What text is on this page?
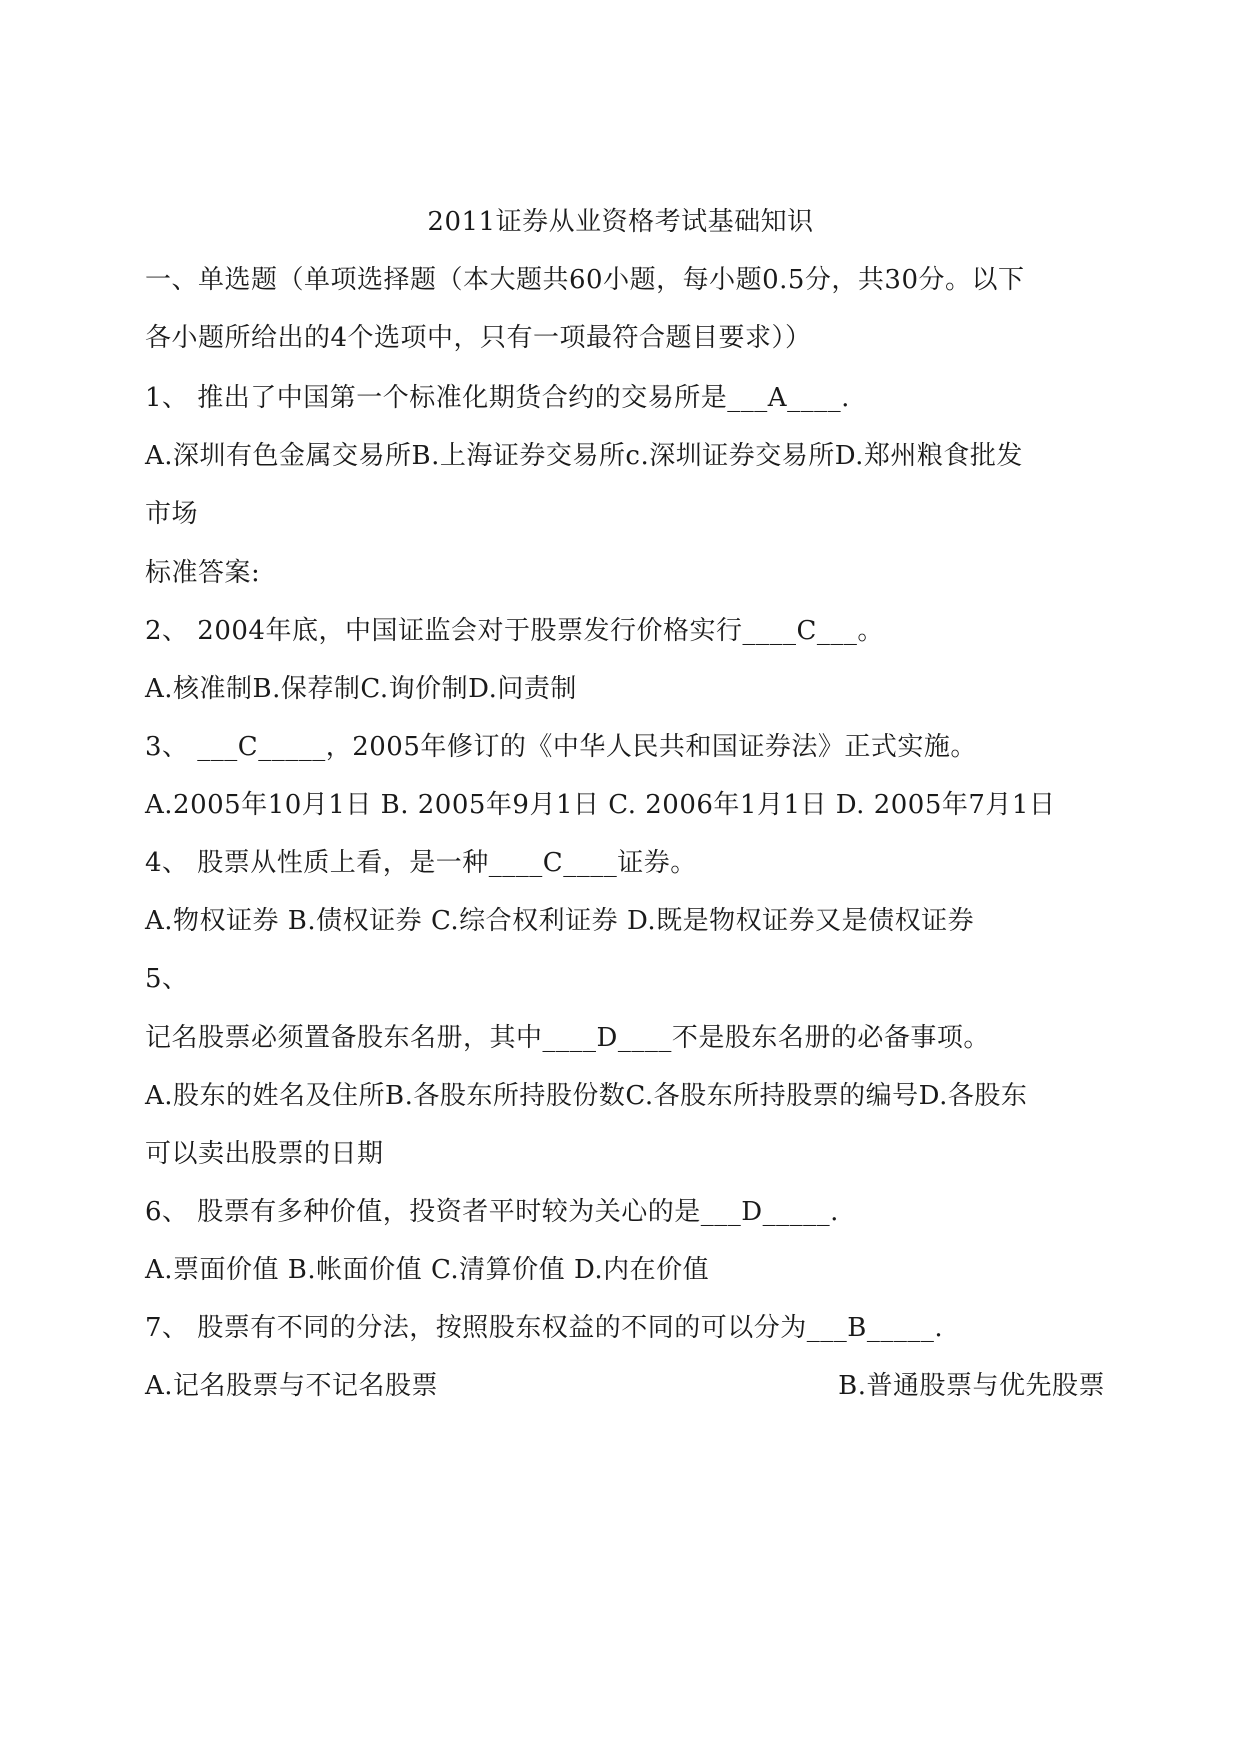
2011证券从业资格考试基础知识
一、单选题（单项选择题（本大题共60小题，每小题0.5分，共30分。以下
各小题所给出的4个选项中，只有一项最符合题目要求））
1、 推出了中国第一个标准化期货合约的交易所是___A____.
A.深圳有色金属交易所B.上海证券交易所c.深圳证券交易所D.郑州粮食批发
市场
标准答案:
2、 2004年底，中国证监会对于股票发行价格实行____C___。
A.核准制B.保荐制C.询价制D.问责制
3、 ___C_____，2005年修订的《中华人民共和国证券法》正式实施。
A.2005年10月1日 B. 2005年9月1日 C. 2006年1月1日 D. 2005年7月1日
4、 股票从性质上看，是一种____C____证券。
A.物权证券 B.债权证券 C.综合权利证券 D.既是物权证券又是债权证券
5、
记名股票必须置备股东名册，其中____D____不是股东名册的必备事项。
A.股东的姓名及住所B.各股东所持股份数C.各股东所持股票的编号D.各股东
可以卖出股票的日期
6、 股票有多种价值，投资者平时较为关心的是___D_____.
A.票面价值 B.帐面价值 C.清算价值 D.内在价值
7、 股票有不同的分法，按照股东权益的不同的可以分为___B_____.
A.记名股票与不记名股票	B.普通股票与优先股票
